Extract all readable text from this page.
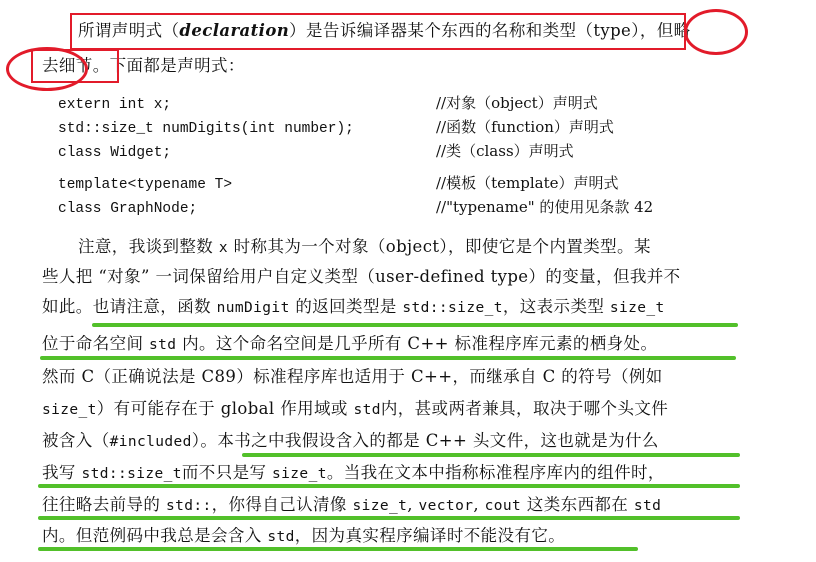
所谓声明式（declaration）是告诉编译器某个东西的名称和类型（type），但略
去细节。下面都是声明式：
extern int x;	//对象（object）声明式
std::size_t numDigits(int number);	//函数（function）声明式
class Widget;	//类（class）声明式
template<typename T>	//模板（template）声明式
class GraphNode;	//"typename" 的使用见条款 42
注意，我谈到整数 x 时称其为一个对象（object），即使它是个内置类型。某
些人把 “对象” 一词保留给用户自定义类型（user-defined type）的变量，但我并不
如此。也请注意，函数 numDigit 的返回类型是 std::size_t，这表示类型 size_t
位于命名空间 std 内。这个命名空间是几乎所有 C++ 标准程序库元素的栖身处。
然而 C（正确说法是 C89）标准程序库也适用于 C++，而继承自 C 的符号（例如
size_t）有可能存在于 global 作用域或 std内，甚或两者兼具，取决于哪个头文件
被含入（#included）。本书之中我假设含入的都是 C++ 头文件，这也就是为什么
我写 std::size_t而不只是写 size_t。当我在文本中指称标准程序库内的组件时，
往往略去前导的 std::，你得自己认清像 size_t, vector, cout 这类东西都在 std
内。但范例码中我总是会含入 std，因为真实程序编译时不能没有它。
